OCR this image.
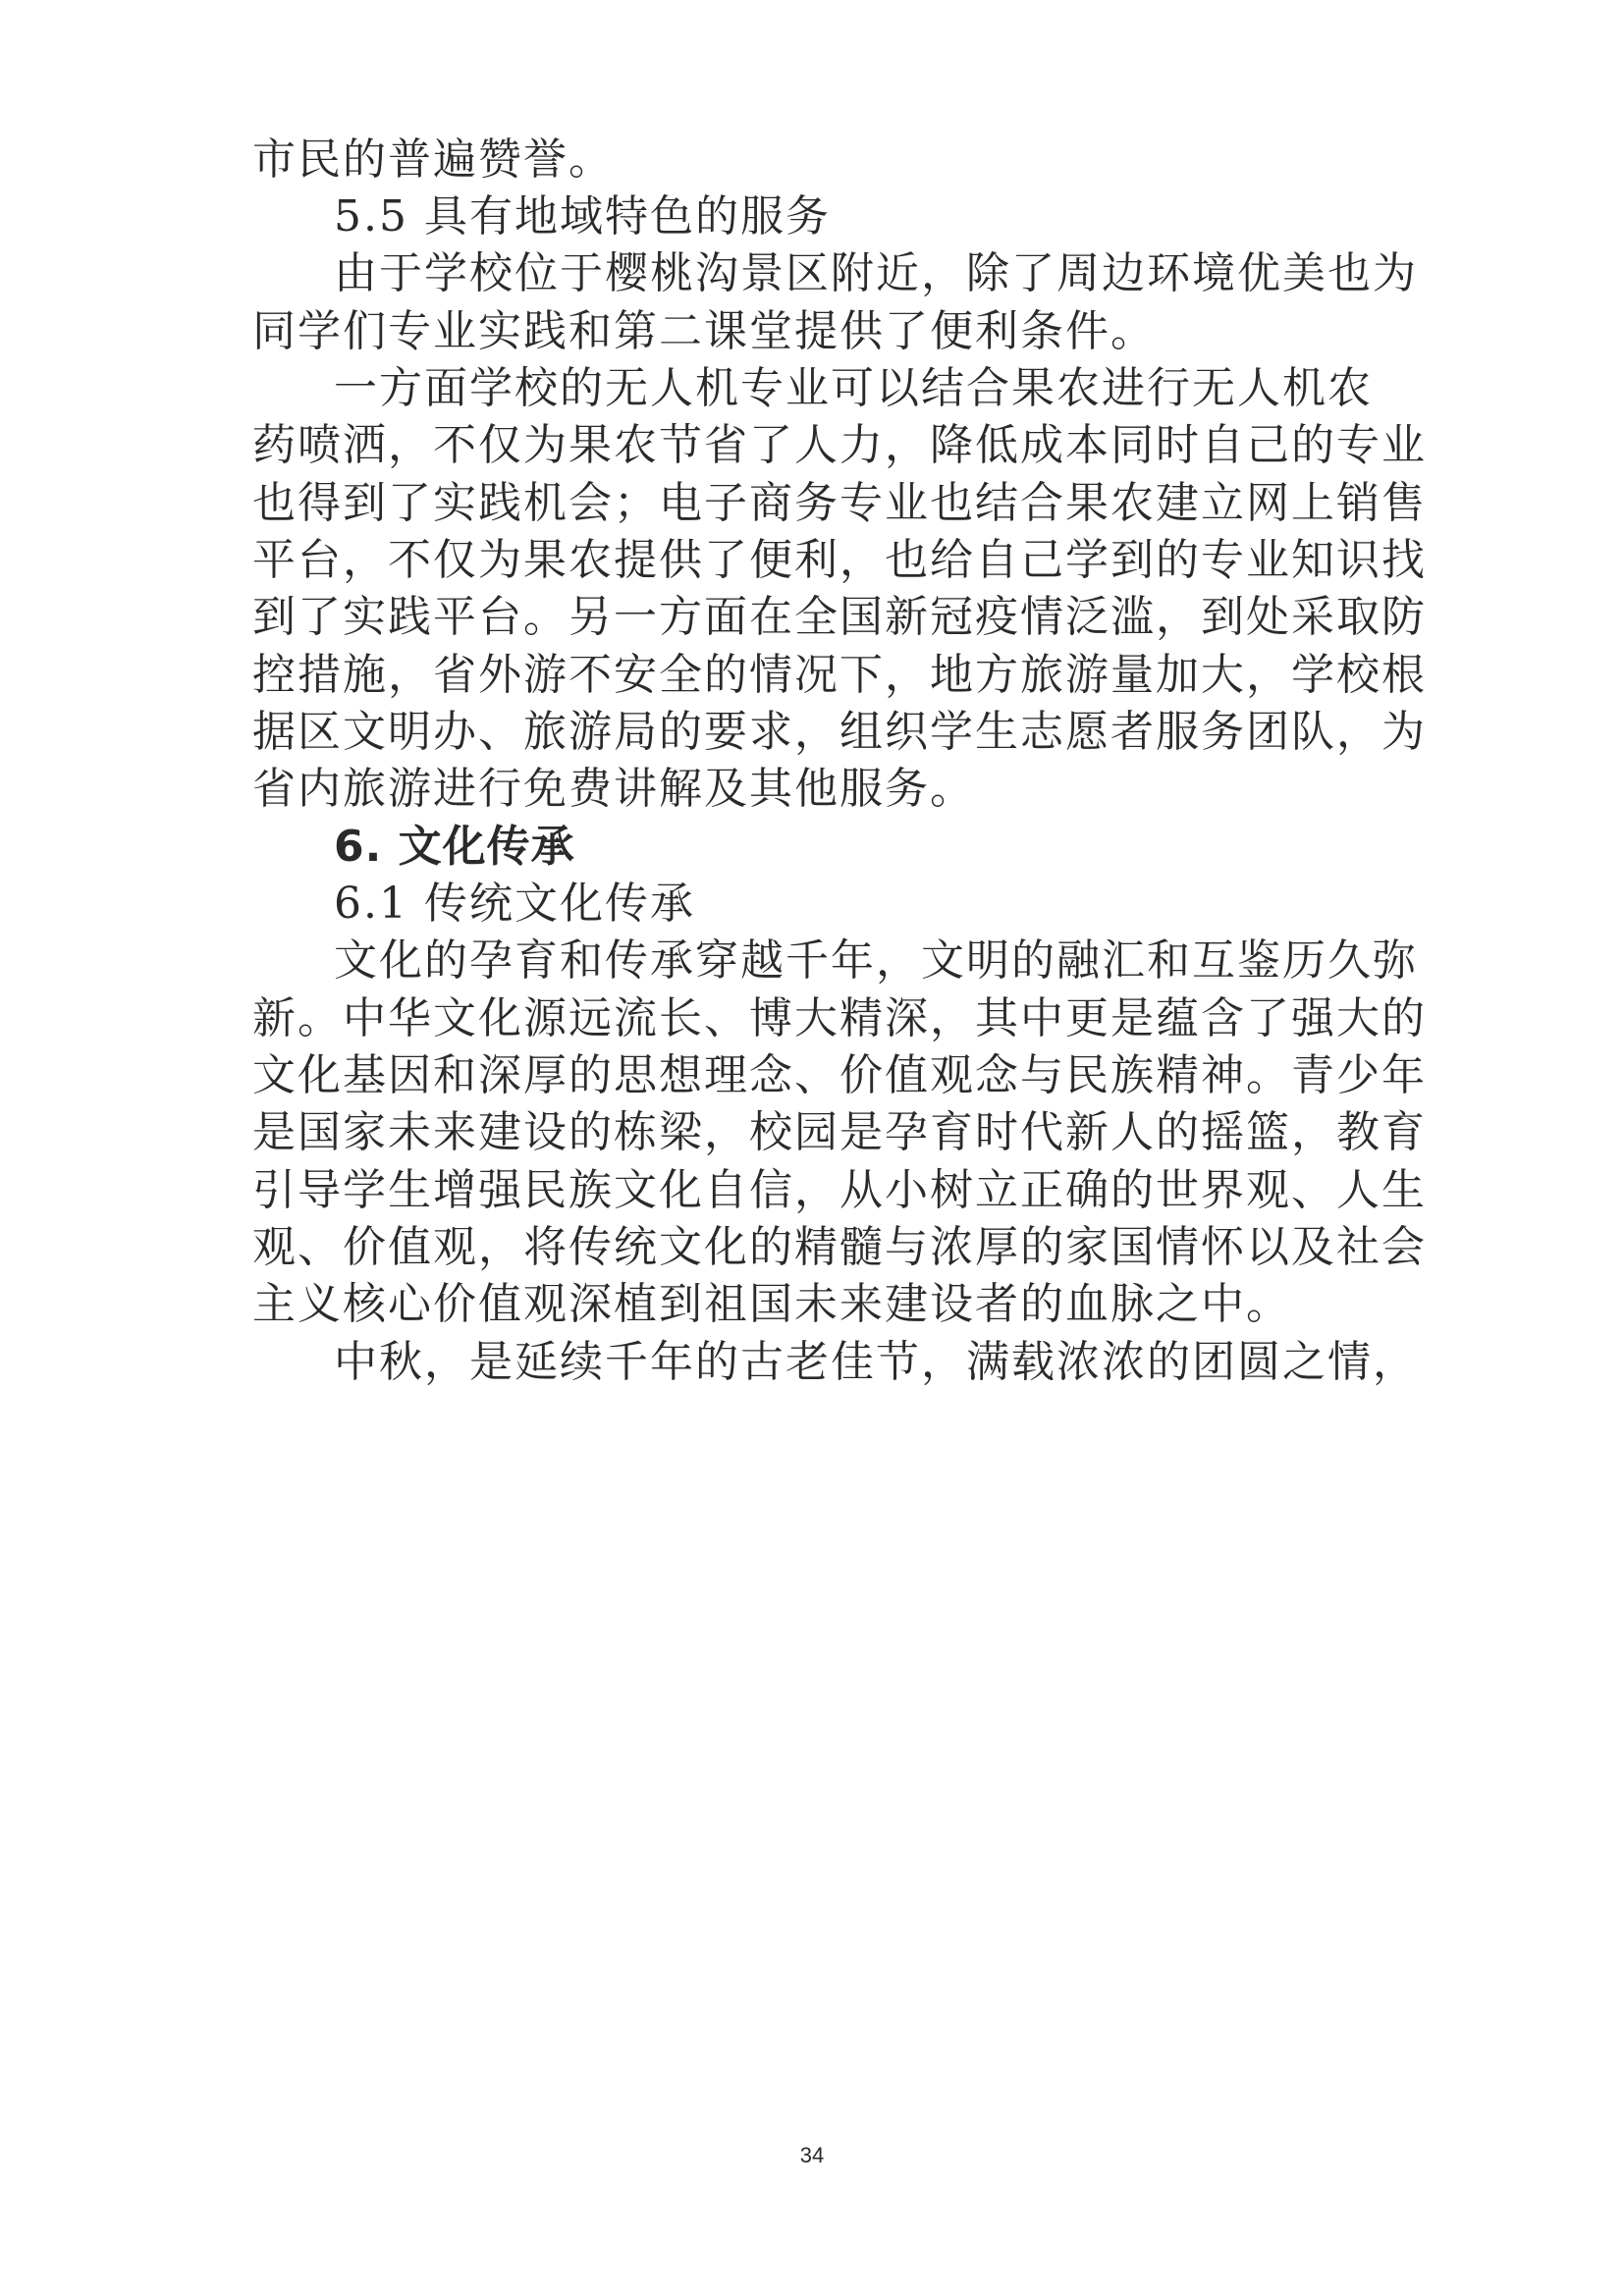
市民的普遍赞誉。
5.5 具有地域特色的服务
由于学校位于樱桃沟景区附近，除了周边环境优美也为
同学们专业实践和第二课堂提供了便利条件。
一方面学校的无人机专业可以结合果农进行无人机农
药喷洒，不仅为果农节省了人力，降低成本同时自己的专业
也得到了实践机会；电子商务专业也结合果农建立网上销售
平台，不仅为果农提供了便利，也给自己学到的专业知识找
到了实践平台。另一方面在全国新冠疫情泛滥，到处采取防
控措施，省外游不安全的情况下，地方旅游量加大，学校根
据区文明办、旅游局的要求，组织学生志愿者服务团队，为
省内旅游进行免费讲解及其他服务。
6. 文化传承
6.1 传统文化传承
文化的孕育和传承穿越千年，文明的融汇和互鉴历久弥
新。中华文化源远流长、博大精深，其中更是蕴含了强大的
文化基因和深厚的思想理念、价值观念与民族精神。青少年
是国家未来建设的栋梁，校园是孕育时代新人的摇篮，教育
引导学生增强民族文化自信，从小树立正确的世界观、人生
观、价值观，将传统文化的精髓与浓厚的家国情怀以及社会
主义核心价值观深植到祖国未来建设者的血脉之中。
中秋，是延续千年的古老佳节，满载浓浓的团圆之情，
34
